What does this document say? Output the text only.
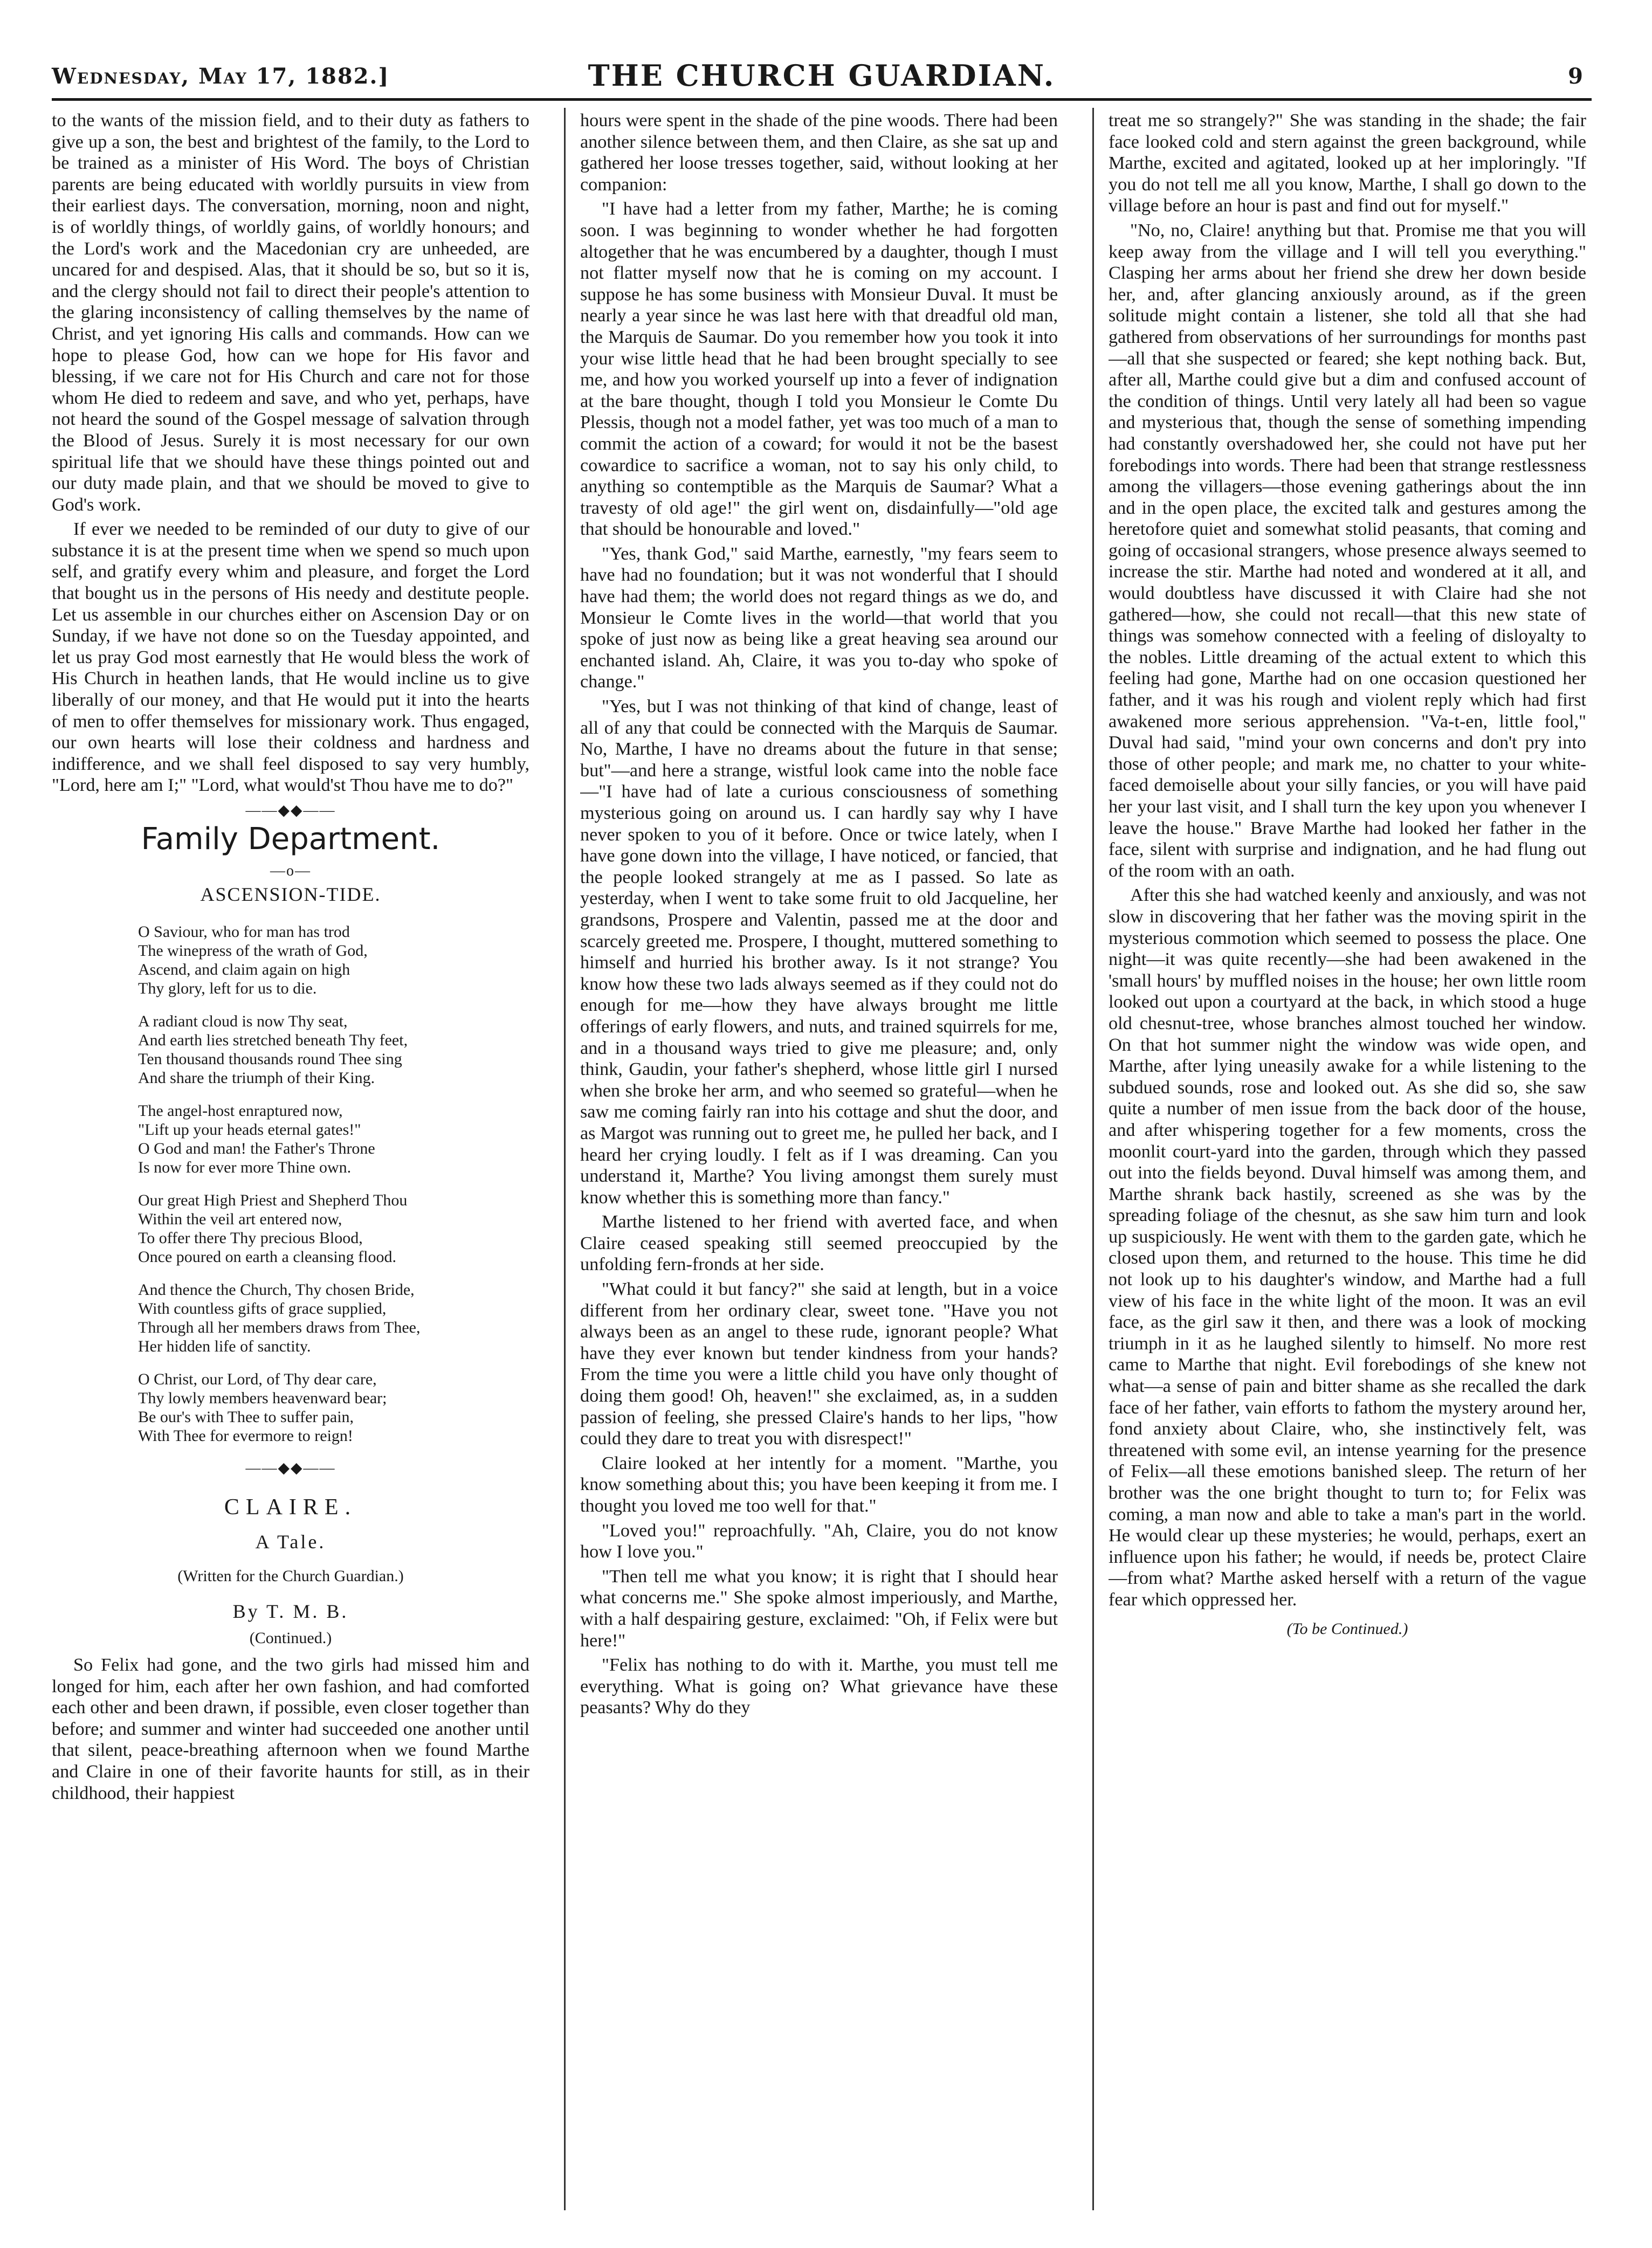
Wednesday, May 17, 1882.]	THE CHURCH GUARDIAN.	9

to the wants of the mission field, and to their duty as fathers to give up a son, the best and brightest of the family, to the Lord to be trained as a minister of His Word. The boys of Christian parents are being educated with worldly pursuits in view from their earliest days. The conversation, morning, noon and night, is of worldly things, of worldly gains, of worldly honours; and the Lord's work and the Macedonian cry are unheeded, are uncared for and despised. Alas, that it should be so, but so it is, and the clergy should not fail to direct their people's attention to the glaring inconsistency of calling themselves by the name of Christ, and yet ignoring His calls and commands. How can we hope to please God, how can we hope for His favor and blessing, if we care not for His Church and care not for those whom He died to redeem and save, and who yet, perhaps, have not heard the sound of the Gospel message of salvation through the Blood of Jesus. Surely it is most necessary for our own spiritual life that we should have these things pointed out and our duty made plain, and that we should be moved to give to God's work.

If ever we needed to be reminded of our duty to give of our substance it is at the present time when we spend so much upon self, and gratify every whim and pleasure, and forget the Lord that bought us in the persons of His needy and destitute people. Let us assemble in our churches either on Ascension Day or on Sunday, if we have not done so on the Tuesday appointed, and let us pray God most earnestly that He would bless the work of His Church in heathen lands, that He would incline us to give liberally of our money, and that He would put it into the hearts of men to offer themselves for missionary work. Thus engaged, our own hearts will lose their coldness and hardness and indifference, and we shall feel disposed to say very humbly, "Lord, here am I;" "Lord, what would'st Thou have me to do?"

——◆◆——
Family Department.
—o—
ASCENSION-TIDE.
O Saviour, who for man has trod
The winepress of the wrath of God,
Ascend, and claim again on high
Thy glory, left for us to die.
A radiant cloud is now Thy seat,
And earth lies stretched beneath Thy feet,
Ten thousand thousands round Thee sing
And share the triumph of their King.
The angel-host enraptured now,
"Lift up your heads eternal gates!"
O God and man! the Father's Throne
Is now for ever more Thine own.
Our great High Priest and Shepherd Thou
Within the veil art entered now,
To offer there Thy precious Blood,
Once poured on earth a cleansing flood.
And thence the Church, Thy chosen Bride,
With countless gifts of grace supplied,
Through all her members draws from Thee,
Her hidden life of sanctity.
O Christ, our Lord, of Thy dear care,
Thy lowly members heavenward bear;
Be our's with Thee to suffer pain,
With Thee for evermore to reign!
——◆◆——
CLAIRE.
A Tale.
(Written for the Church Guardian.)
By T. M. B.
(Continued.)

So Felix had gone, and the two girls had missed him and longed for him, each after her own fashion, and had comforted each other and been drawn, if possible, even closer together than before; and summer and winter had succeeded one another until that silent, peace-breathing afternoon when we found Marthe and Claire in one of their favorite haunts for still, as in their childhood, their happiest

hours were spent in the shade of the pine woods. There had been another silence between them, and then Claire, as she sat up and gathered her loose tresses together, said, without looking at her companion:

"I have had a letter from my father, Marthe; he is coming soon. I was beginning to wonder whether he had forgotten altogether that he was encumbered by a daughter, though I must not flatter myself now that he is coming on my account. I suppose he has some business with Monsieur Duval. It must be nearly a year since he was last here with that dreadful old man, the Marquis de Saumar. Do you remember how you took it into your wise little head that he had been brought specially to see me, and how you worked yourself up into a fever of indignation at the bare thought, though I told you Monsieur le Comte Du Plessis, though not a model father, yet was too much of a man to commit the action of a coward; for would it not be the basest cowardice to sacrifice a woman, not to say his only child, to anything so contemptible as the Marquis de Saumar? What a travesty of old age!" the girl went on, disdainfully—"old age that should be honourable and loved."

"Yes, thank God," said Marthe, earnestly, "my fears seem to have had no foundation; but it was not wonderful that I should have had them; the world does not regard things as we do, and Monsieur le Comte lives in the world—that world that you spoke of just now as being like a great heaving sea around our enchanted island. Ah, Claire, it was you to-day who spoke of change."

"Yes, but I was not thinking of that kind of change, least of all of any that could be connected with the Marquis de Saumar. No, Marthe, I have no dreams about the future in that sense; but"—and here a strange, wistful look came into the noble face—"I have had of late a curious consciousness of something mysterious going on around us. I can hardly say why I have never spoken to you of it before. Once or twice lately, when I have gone down into the village, I have noticed, or fancied, that the people looked strangely at me as I passed. So late as yesterday, when I went to take some fruit to old Jacqueline, her grandsons, Prospere and Valentin, passed me at the door and scarcely greeted me. Prospere, I thought, muttered something to himself and hurried his brother away. Is it not strange? You know how these two lads always seemed as if they could not do enough for me—how they have always brought me little offerings of early flowers, and nuts, and trained squirrels for me, and in a thousand ways tried to give me pleasure; and, only think, Gaudin, your father's shepherd, whose little girl I nursed when she broke her arm, and who seemed so grateful—when he saw me coming fairly ran into his cottage and shut the door, and as Margot was running out to greet me, he pulled her back, and I heard her crying loudly. I felt as if I was dreaming. Can you understand it, Marthe? You living amongst them surely must know whether this is something more than fancy."

Marthe listened to her friend with averted face, and when Claire ceased speaking still seemed preoccupied by the unfolding fern-fronds at her side.

"What could it but fancy?" she said at length, but in a voice different from her ordinary clear, sweet tone. "Have you not always been as an angel to these rude, ignorant people? What have they ever known but tender kindness from your hands? From the time you were a little child you have only thought of doing them good! Oh, heaven!" she exclaimed, as, in a sudden passion of feeling, she pressed Claire's hands to her lips, "how could they dare to treat you with disrespect!"

Claire looked at her intently for a moment. "Marthe, you know something about this; you have been keeping it from me. I thought you loved me too well for that."

"Loved you!" reproachfully. "Ah, Claire, you do not know how I love you."

"Then tell me what you know; it is right that I should hear what concerns me." She spoke almost imperiously, and Marthe, with a half despairing gesture, exclaimed: "Oh, if Felix were but here!"

"Felix has nothing to do with it. Marthe, you must tell me everything. What is going on? What grievance have these peasants? Why do they

treat me so strangely?" She was standing in the shade; the fair face looked cold and stern against the green background, while Marthe, excited and agitated, looked up at her imploringly. "If you do not tell me all you know, Marthe, I shall go down to the village before an hour is past and find out for myself."

"No, no, Claire! anything but that. Promise me that you will keep away from the village and I will tell you everything." Clasping her arms about her friend she drew her down beside her, and, after glancing anxiously around, as if the green solitude might contain a listener, she told all that she had gathered from observations of her surroundings for months past—all that she suspected or feared; she kept nothing back. But, after all, Marthe could give but a dim and confused account of the condition of things. Until very lately all had been so vague and mysterious that, though the sense of something impending had constantly overshadowed her, she could not have put her forebodings into words. There had been that strange restlessness among the villagers—those evening gatherings about the inn and in the open place, the excited talk and gestures among the heretofore quiet and somewhat stolid peasants, that coming and going of occasional strangers, whose presence always seemed to increase the stir. Marthe had noted and wondered at it all, and would doubtless have discussed it with Claire had she not gathered—how, she could not recall—that this new state of things was somehow connected with a feeling of disloyalty to the nobles. Little dreaming of the actual extent to which this feeling had gone, Marthe had on one occasion questioned her father, and it was his rough and violent reply which had first awakened more serious apprehension. "Va-t-en, little fool," Duval had said, "mind your own concerns and don't pry into those of other people; and mark me, no chatter to your white-faced demoiselle about your silly fancies, or you will have paid her your last visit, and I shall turn the key upon you whenever I leave the house." Brave Marthe had looked her father in the face, silent with surprise and indignation, and he had flung out of the room with an oath.

After this she had watched keenly and anxiously, and was not slow in discovering that her father was the moving spirit in the mysterious commotion which seemed to possess the place. One night—it was quite recently—she had been awakened in the 'small hours' by muffled noises in the house; her own little room looked out upon a courtyard at the back, in which stood a huge old chesnut-tree, whose branches almost touched her window. On that hot summer night the window was wide open, and Marthe, after lying uneasily awake for a while listening to the subdued sounds, rose and looked out. As she did so, she saw quite a number of men issue from the back door of the house, and after whispering together for a few moments, cross the moonlit court-yard into the garden, through which they passed out into the fields beyond. Duval himself was among them, and Marthe shrank back hastily, screened as she was by the spreading foliage of the chesnut, as she saw him turn and look up suspiciously. He went with them to the garden gate, which he closed upon them, and returned to the house. This time he did not look up to his daughter's window, and Marthe had a full view of his face in the white light of the moon. It was an evil face, as the girl saw it then, and there was a look of mocking triumph in it as he laughed silently to himself. No more rest came to Marthe that night. Evil forebodings of she knew not what—a sense of pain and bitter shame as she recalled the dark face of her father, vain efforts to fathom the mystery around her, fond anxiety about Claire, who, she instinctively felt, was threatened with some evil, an intense yearning for the presence of Felix—all these emotions banished sleep. The return of her brother was the one bright thought to turn to; for Felix was coming, a man now and able to take a man's part in the world. He would clear up these mysteries; he would, perhaps, exert an influence upon his father; he would, if needs be, protect Claire—from what? Marthe asked herself with a return of the vague fear which oppressed her.

(To be Continued.)
